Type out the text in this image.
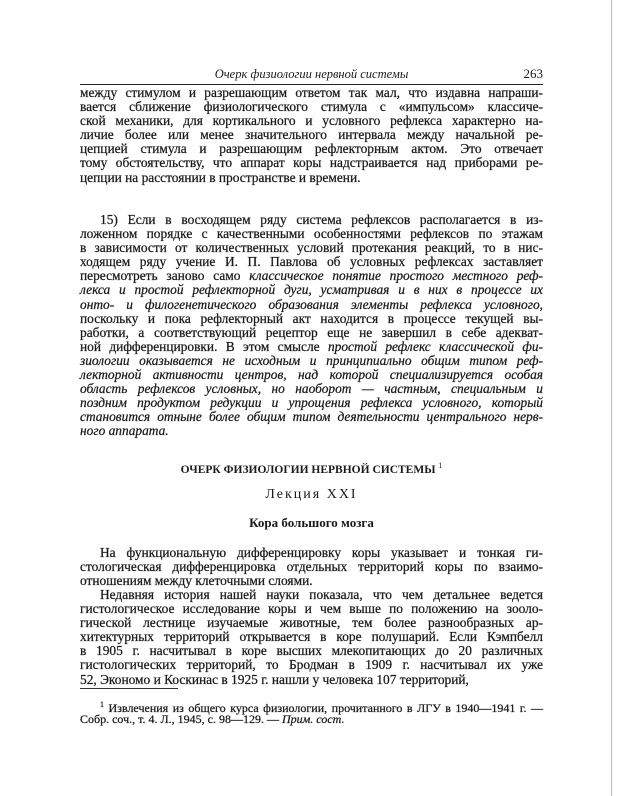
Очерк физиологии нервной системы	263
между стимулом и разрешающим ответом так мал, что издавна напраши-
вается сближение физиологического стимула с «импульсом» классиче-
ской механики, для кортикального и условного рефлекса характерно на-
личие более или менее значительного интервала между начальной ре-
цепцией стимула и разрешающим рефлекторным актом. Это отвечает
тому обстоятельству, что аппарат коры надстраивается над приборами ре-
цепции на расстоянии в пространстве и времени.
15) Если в восходящем ряду система рефлексов располагается в из-
ложенном порядке с качественными особенностями рефлексов по этажам
в зависимости от количественных условий протекания реакций, то в нис-
ходящем ряду учение И. П. Павлова об условных рефлексах заставляет
пересмотреть заново само классическое понятие простого местного реф-
лекса и простой рефлекторной дуги, усматривая и в них в процессе их
онто- и филогенетического образования элементы рефлекса условного,
поскольку и пока рефлекторный акт находится в процессе текущей вы-
работки, а соответствующий рецептор еще не завершил в себе адекват-
ной дифференцировки. В этом смысле простой рефлекс классической фи-
зиологии оказывается не исходным и принципиально общим типом реф-
лекторной активности центров, над которой специализируется особая
область рефлексов условных, но наоборот — частным, специальным и
поздним продуктом редукции и упрощения рефлекса условного, который
становится отныне более общим типом деятельности центрального нерв-
ного аппарата.
ОЧЕРК ФИЗИОЛОГИИ НЕРВНОЙ СИСТЕМЫ $^1$
Лекция XXI
Кора большого мозга
На функциональную дифференцировку коры указывает и тонкая ги-
стологическая дифференцировка отдельных территорий коры по взаимо-
отношениям между клеточными слоями.
Недавняя история нашей науки показала, что чем детальнее ведется
гистологическое исследование коры и чем выше по положению на зооло-
гической лестнице изучаемые животные, тем более разнообразных ар-
хитектурных территорий открывается в коре полушарий. Если Кэмпбелл
в 1905 г. насчитывал в коре высших млекопитающих до 20 различных
гистологических территорий, то Бродман в 1909 г. насчитывал их уже
52, Экономо и Коскинас в 1925 г. нашли у человека 107 территорий,
$^1$ Извлечения из общего курса физиологии, прочитанного в ЛГУ в 1940—1941 г. —
Собр. соч., т. 4. Л., 1945, с. 98—129. — Прим. сост.
